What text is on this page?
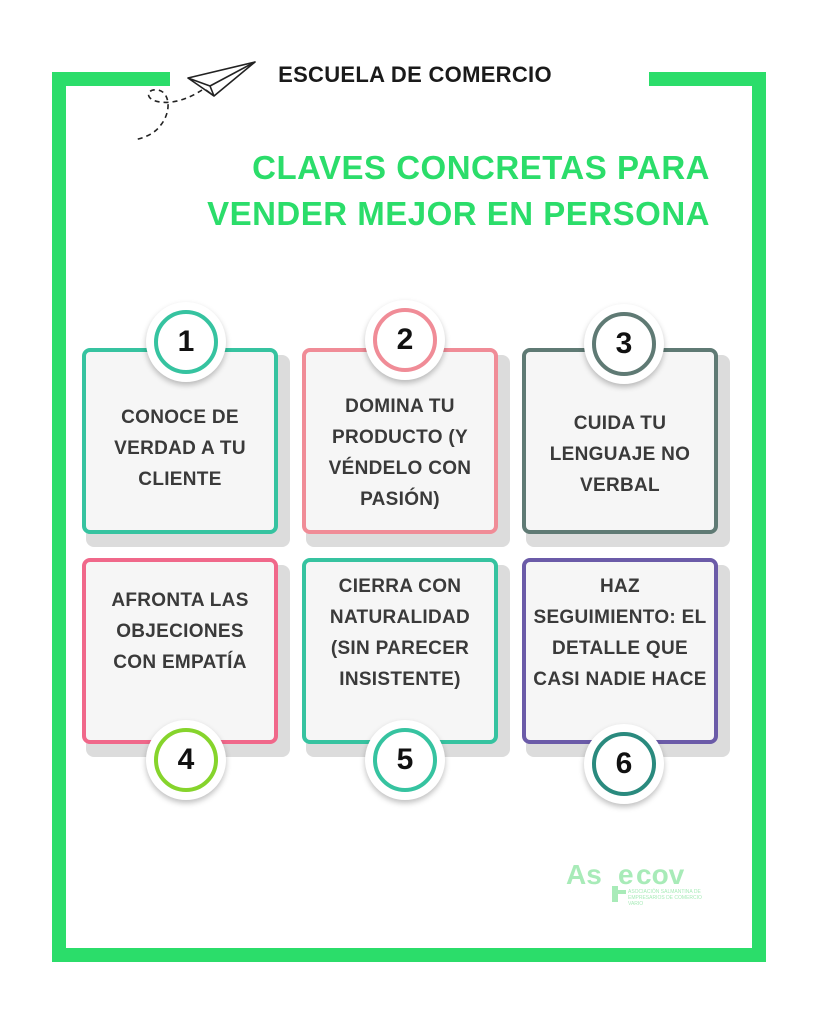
ESCUELA DE COMERCIO
CLAVES CONCRETAS PARA
VENDER MEJOR EN PERSONA
CONOCE DE VERDAD A TU CLIENTE
1
DOMINA TU PRODUCTO (Y VÉNDELO CON PASIÓN)
2
CUIDA TU LENGUAJE NO VERBAL
3
AFRONTA LAS OBJECIONES CON EMPATÍA
4
CIERRA CON NATURALIDAD (SIN PARECER INSISTENTE)
5
HAZ SEGUIMIENTO: EL DETALLE QUE CASI NADIE HACE
6
As e cov
ASOCIACIÓN SALMANTINA DE EMPRESARIOS DE COMERCIO VARIO
